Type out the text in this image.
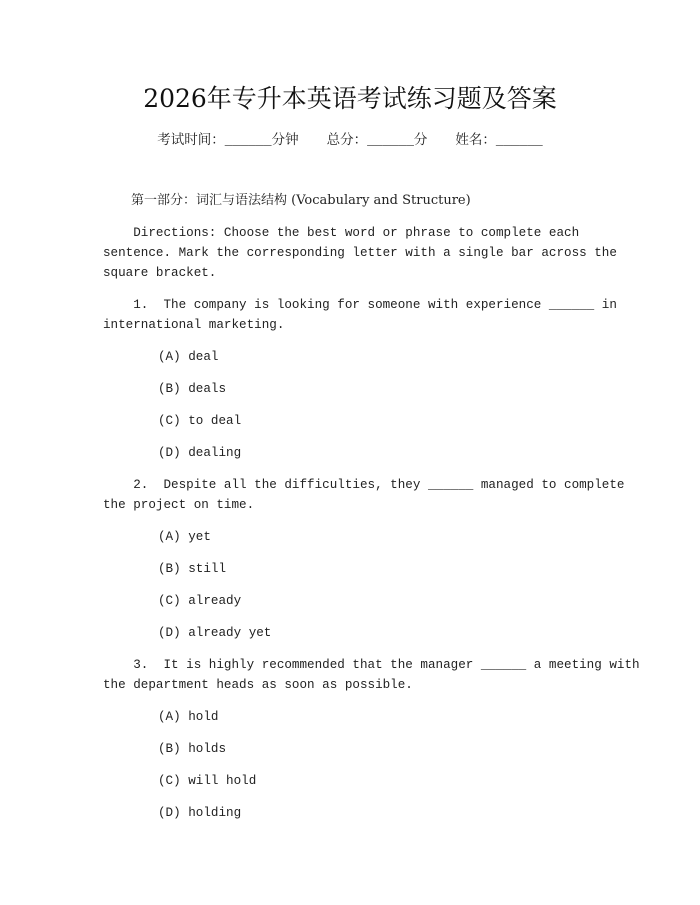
2026年专升本英语考试练习题及答案
考试时间：______分钟 总分：______分 姓名：______
第一部分：词汇与语法结构 (Vocabulary and Structure)
Directions: Choose the best word or phrase to complete each
sentence. Mark the corresponding letter with a single bar across the
square bracket.
1.  The company is looking for someone with experience ______ in
international marketing.
(A) deal
(B) deals
(C) to deal
(D) dealing
2.  Despite all the difficulties, they ______ managed to complete
the project on time.
(A) yet
(B) still
(C) already
(D) already yet
3.  It is highly recommended that the manager ______ a meeting with
the department heads as soon as possible.
(A) hold
(B) holds
(C) will hold
(D) holding
